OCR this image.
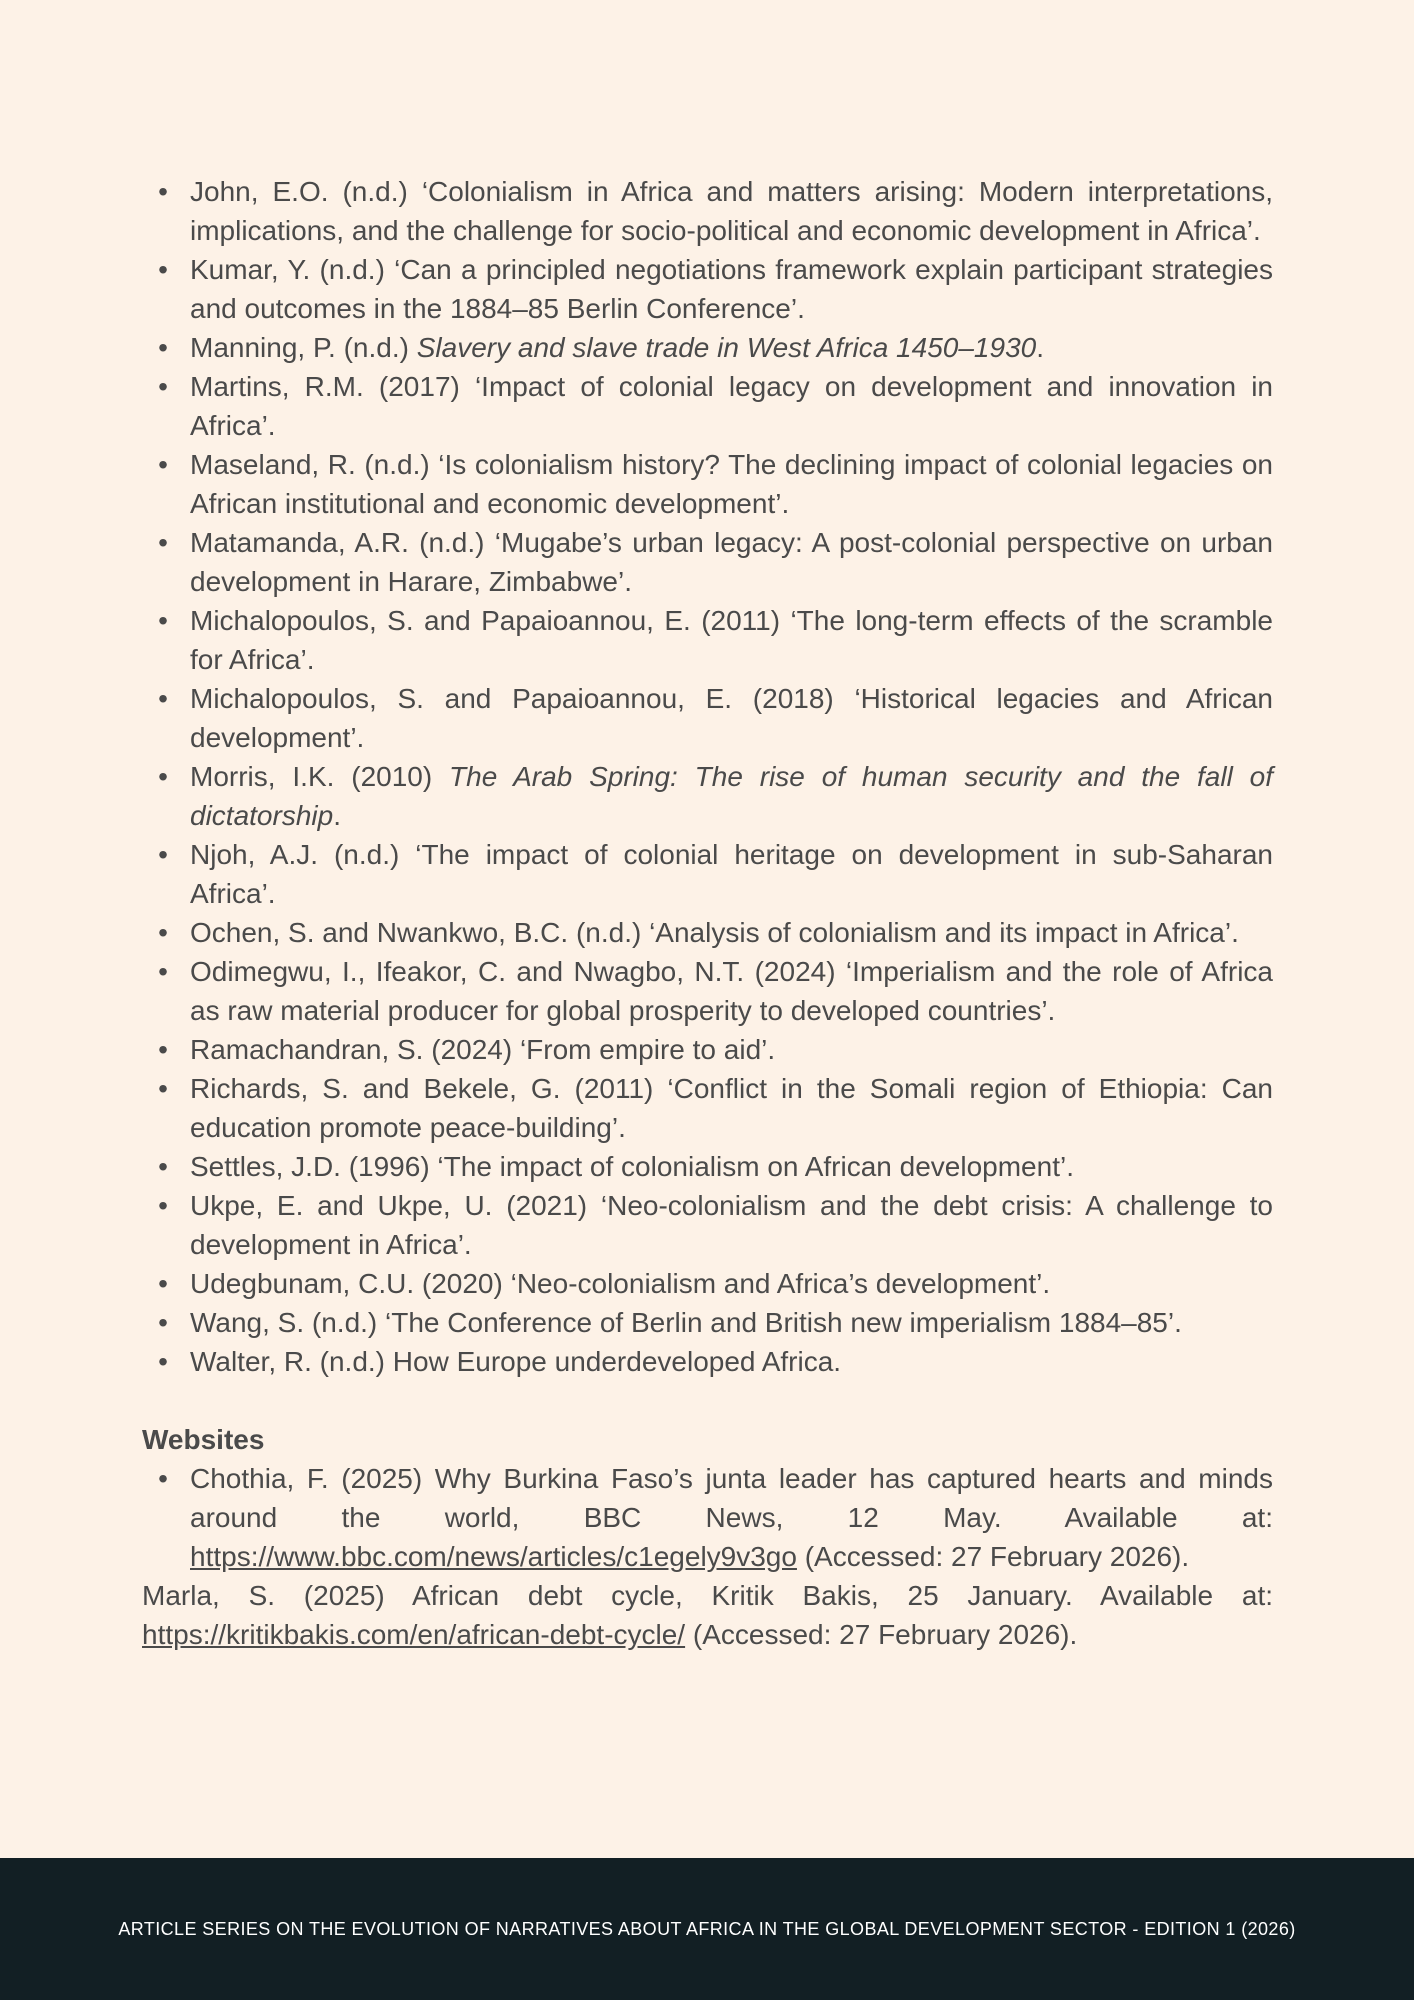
• John, E.O. (n.d.) ‘Colonialism in Africa and matters arising: Modern interpretations, implications, and the challenge for socio-political and economic development in Africa’.
• Kumar, Y. (n.d.) ‘Can a principled negotiations framework explain participant strategies and outcomes in the 1884–85 Berlin Conference’.
• Manning, P. (n.d.) Slavery and slave trade in West Africa 1450–1930.
• Martins, R.M. (2017) ‘Impact of colonial legacy on development and innovation in Africa’.
• Maseland, R. (n.d.) ‘Is colonialism history? The declining impact of colonial legacies on African institutional and economic development’.
• Matamanda, A.R. (n.d.) ‘Mugabe’s urban legacy: A post-colonial perspective on urban development in Harare, Zimbabwe’.
• Michalopoulos, S. and Papaioannou, E. (2011) ‘The long-term effects of the scramble for Africa’.
• Michalopoulos, S. and Papaioannou, E. (2018) ‘Historical legacies and African development’.
• Morris, I.K. (2010) The Arab Spring: The rise of human security and the fall of dictatorship.
• Njoh, A.J. (n.d.) ‘The impact of colonial heritage on development in sub-Saharan Africa’.
• Ochen, S. and Nwankwo, B.C. (n.d.) ‘Analysis of colonialism and its impact in Africa’.
• Odimegwu, I., Ifeakor, C. and Nwagbo, N.T. (2024) ‘Imperialism and the role of Africa as raw material producer for global prosperity to developed countries’.
• Ramachandran, S. (2024) ‘From empire to aid’.
• Richards, S. and Bekele, G. (2011) ‘Conflict in the Somali region of Ethiopia: Can education promote peace-building’.
• Settles, J.D. (1996) ‘The impact of colonialism on African development’.
• Ukpe, E. and Ukpe, U. (2021) ‘Neo-colonialism and the debt crisis: A challenge to development in Africa’.
• Udegbunam, C.U. (2020) ‘Neo-colonialism and Africa’s development’.
• Wang, S. (n.d.) ‘The Conference of Berlin and British new imperialism 1884–85’.
• Walter, R. (n.d.) How Europe underdeveloped Africa.
Websites
• Chothia, F. (2025) Why Burkina Faso’s junta leader has captured hearts and minds around the world, BBC News, 12 May. Available at: https://www.bbc.com/news/articles/c1egely9v3go (Accessed: 27 February 2026).
Marla, S. (2025) African debt cycle, Kritik Bakis, 25 January. Available at: https://kritikbakis.com/en/african-debt-cycle/ (Accessed: 27 February 2026).
ARTICLE SERIES ON THE EVOLUTION OF NARRATIVES ABOUT AFRICA IN THE GLOBAL DEVELOPMENT SECTOR - EDITION 1 (2026)
